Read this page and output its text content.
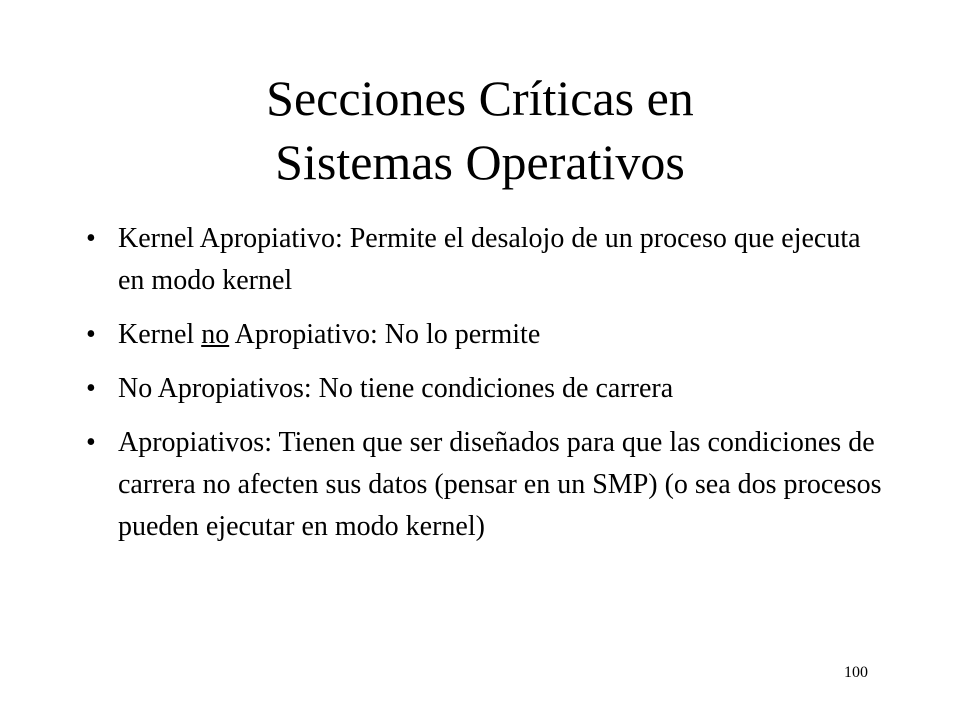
Secciones Críticas en
Sistemas Operativos
• Kernel Apropiativo: Permite el desalojo de un proceso que ejecuta en modo kernel
• Kernel no Apropiativo: No lo permite
• No Apropiativos: No tiene condiciones de carrera
• Apropiativos: Tienen que ser diseñados para que las condiciones de carrera no afecten sus datos (pensar en un SMP) (o sea dos procesos pueden ejecutar en modo kernel)
100
